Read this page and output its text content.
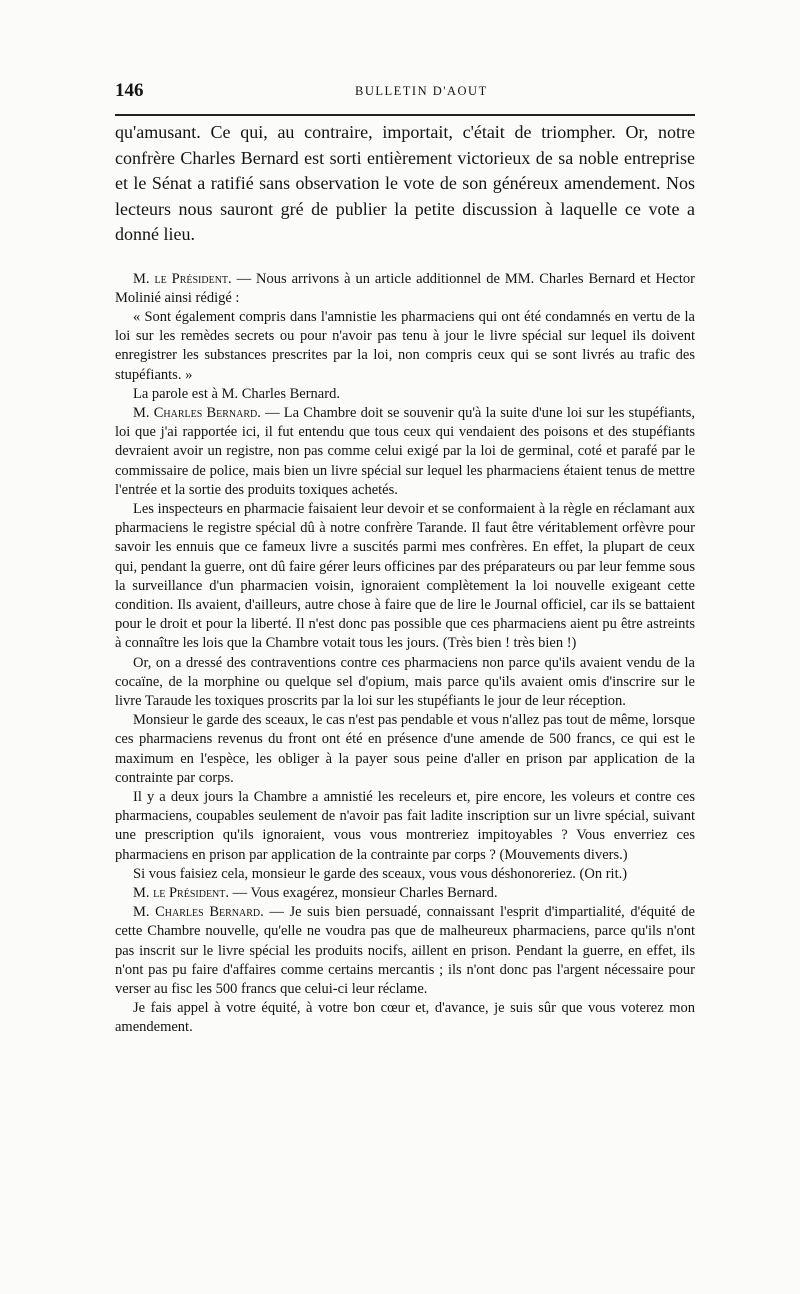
146	BULLETIN D'AOUT

qu'amusant. Ce qui, au contraire, importait, c'était de triompher. Or, notre confrère Charles Bernard est sorti entièrement victorieux de sa noble entreprise et le Sénat a ratifié sans observation le vote de son généreux amendement. Nos lecteurs nous sauront gré de publier la petite discussion à laquelle ce vote a donné lieu.

M. le Président. — Nous arrivons à un article additionnel de MM. Charles Bernard et Hector Molinié ainsi rédigé :

« Sont également compris dans l'amnistie les pharmaciens qui ont été condamnés en vertu de la loi sur les remèdes secrets ou pour n'avoir pas tenu à jour le livre spécial sur lequel ils doivent enregistrer les substances prescrites par la loi, non compris ceux qui se sont livrés au trafic des stupéfiants. »

La parole est à M. Charles Bernard.

M. Charles Bernard. — La Chambre doit se souvenir qu'à la suite d'une loi sur les stupéfiants, loi que j'ai rapportée ici, il fut entendu que tous ceux qui vendaient des poisons et des stupéfiants devraient avoir un registre, non pas comme celui exigé par la loi de germinal, coté et parafé par le commissaire de police, mais bien un livre spécial sur lequel les pharmaciens étaient tenus de mettre l'entrée et la sortie des produits toxiques achetés.

Les inspecteurs en pharmacie faisaient leur devoir et se conformaient à la règle en réclamant aux pharmaciens le registre spécial dû à notre confrère Tarande. Il faut être véritablement orfèvre pour savoir les ennuis que ce fameux livre a suscités parmi mes confrères. En effet, la plupart de ceux qui, pendant la guerre, ont dû faire gérer leurs officines par des préparateurs ou par leur femme sous la surveillance d'un pharmacien voisin, ignoraient complètement la loi nouvelle exigeant cette condition. Ils avaient, d'ailleurs, autre chose à faire que de lire le Journal officiel, car ils se battaient pour le droit et pour la liberté. Il n'est donc pas possible que ces pharmaciens aient pu être astreints à connaître les lois que la Chambre votait tous les jours. (Très bien ! très bien !)

Or, on a dressé des contraventions contre ces pharmaciens non parce qu'ils avaient vendu de la cocaïne, de la morphine ou quelque sel d'opium, mais parce qu'ils avaient omis d'inscrire sur le livre Taraude les toxiques proscrits par la loi sur les stupéfiants le jour de leur réception.

Monsieur le garde des sceaux, le cas n'est pas pendable et vous n'allez pas tout de même, lorsque ces pharmaciens revenus du front ont été en présence d'une amende de 500 francs, ce qui est le maximum en l'espèce, les obliger à la payer sous peine d'aller en prison par application de la contrainte par corps.

Il y a deux jours la Chambre a amnistié les receleurs et, pire encore, les voleurs et contre ces pharmaciens, coupables seulement de n'avoir pas fait ladite inscription sur un livre spécial, suivant une prescription qu'ils ignoraient, vous vous montreriez impitoyables ? Vous enverriez ces pharmaciens en prison par application de la contrainte par corps ? (Mouvements divers.)

Si vous faisiez cela, monsieur le garde des sceaux, vous vous déshonoreriez. (On rit.)

M. le Président. — Vous exagérez, monsieur Charles Bernard.

M. Charles Bernard. — Je suis bien persuadé, connaissant l'esprit d'impartialité, d'équité de cette Chambre nouvelle, qu'elle ne voudra pas que de malheureux pharmaciens, parce qu'ils n'ont pas inscrit sur le livre spécial les produits nocifs, aillent en prison. Pendant la guerre, en effet, ils n'ont pas pu faire d'affaires comme certains mercantis ; ils n'ont donc pas l'argent nécessaire pour verser au fisc les 500 francs que celui-ci leur réclame.

Je fais appel à votre équité, à votre bon cœur et, d'avance, je suis sûr que vous voterez mon amendement.
